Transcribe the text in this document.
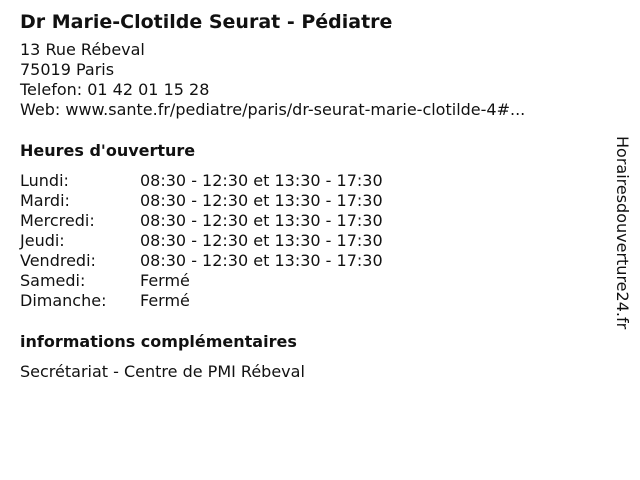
Dr Marie-Clotilde Seurat - Pédiatre
13 Rue Rébeval
75019 Paris
Telefon: 01 42 01 15 28
Web: www.sante.fr/pediatre/paris/dr-seurat-marie-clotilde-4#...
Heures d'ouverture
Lundi:	08:30 - 12:30 et 13:30 - 17:30
Mardi:	08:30 - 12:30 et 13:30 - 17:30
Mercredi:	08:30 - 12:30 et 13:30 - 17:30
Jeudi:	08:30 - 12:30 et 13:30 - 17:30
Vendredi:	08:30 - 12:30 et 13:30 - 17:30
Samedi:	Fermé
Dimanche:	Fermé
informations complémentaires
Secrétariat - Centre de PMI Rébeval
Horairesdouverture24.fr
